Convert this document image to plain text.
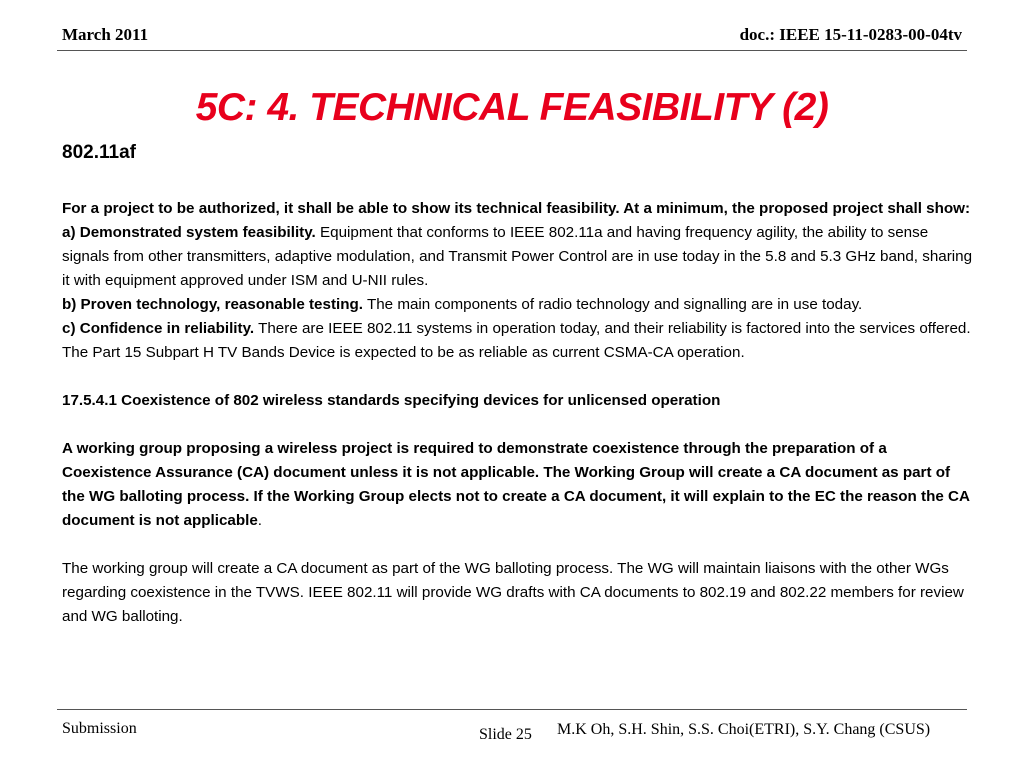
March 2011	doc.: IEEE 15-11-0283-00-04tv
5C: 4. TECHNICAL FEASIBILITY (2)
802.11af

For a project to be authorized, it shall be able to show its technical feasibility. At a minimum, the proposed project shall show:

a) Demonstrated system feasibility. Equipment that conforms to IEEE 802.11a and having frequency agility, the ability to sense signals from other transmitters, adaptive modulation, and Transmit Power Control are in use today in the 5.8 and 5.3 GHz band, sharing it with equipment approved under ISM and U-NII rules.

b) Proven technology, reasonable testing. The main components of radio technology and signalling are in use today.

c) Confidence in reliability. There are IEEE 802.11 systems in operation today, and their reliability is factored into the services offered. The Part 15 Subpart H TV Bands Device is expected to be as reliable as current CSMA-CA operation.

17.5.4.1 Coexistence of 802 wireless standards specifying devices for unlicensed operation

A working group proposing a wireless project is required to demonstrate coexistence through the preparation of a Coexistence Assurance (CA) document unless it is not applicable. The Working Group will create a CA document as part of the WG balloting process. If the Working Group elects not to create a CA document, it will explain to the EC the reason the CA document is not applicable.

The working group will create a CA document as part of the WG balloting process. The WG will maintain liaisons with the other WGs regarding coexistence in the TVWS. IEEE 802.11 will provide WG drafts with CA documents to 802.19 and 802.22 members for review and WG balloting.

Submission	Slide 25 M.K Oh, S.H. Shin, S.S. Choi(ETRI), S.Y. Chang (CSUS)
